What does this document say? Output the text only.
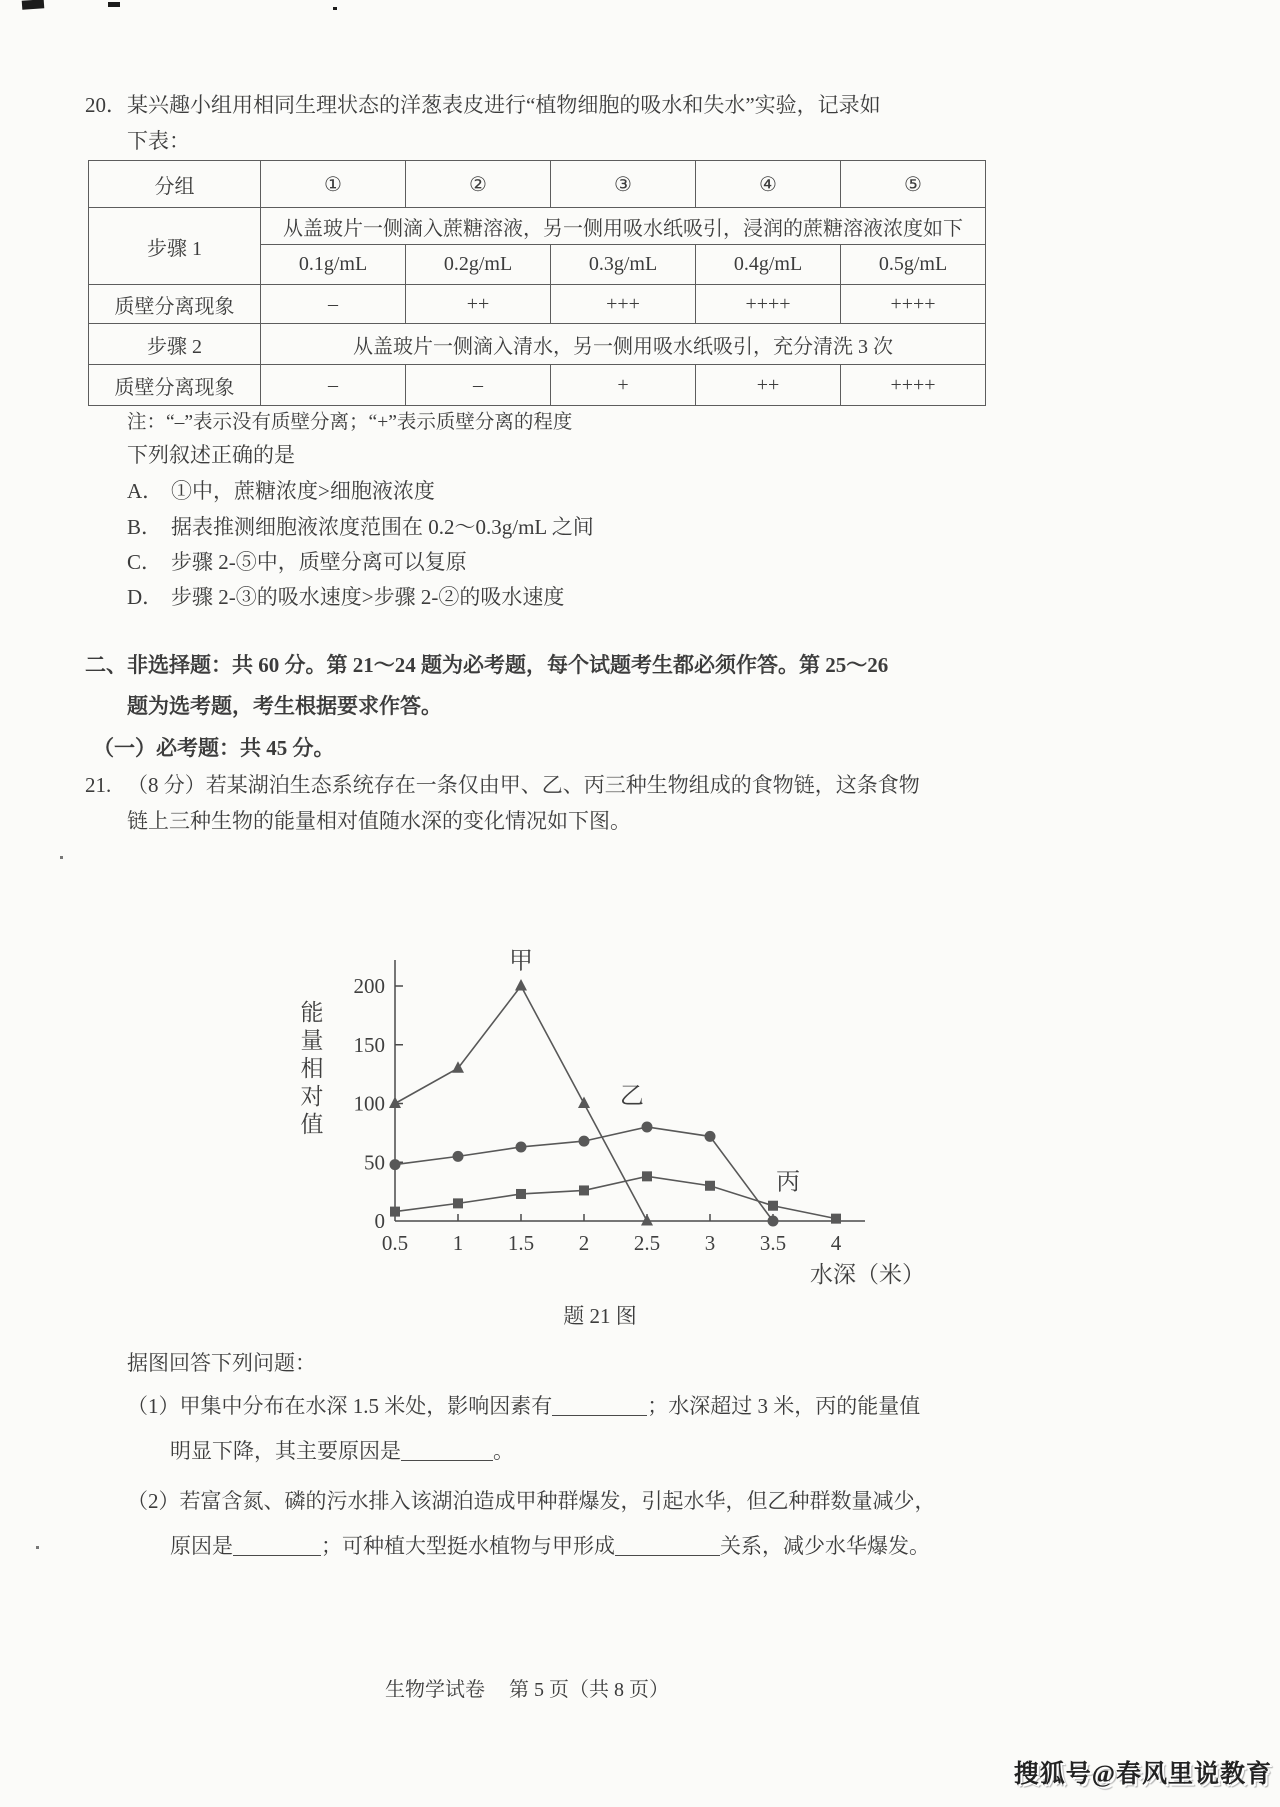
20．某兴趣小组用相同生理状态的洋葱表皮进行“植物细胞的吸水和失水”实验，记录如
下表：
分组	①	②	③	④	⑤
步骤 1	从盖玻片一侧滴入蔗糖溶液，另一侧用吸水纸吸引，浸润的蔗糖溶液浓度如下				
	0.1g/mL	0.2g/mL	0.3g/mL	0.4g/mL	0.5g/mL
质壁分离现象	–	++	+++	++++	++++
步骤 2	从盖玻片一侧滴入清水，另一侧用吸水纸吸引，充分清洗 3 次				
质壁分离现象	–	–	+	++	++++
注：“–”表示没有质壁分离；“+”表示质壁分离的程度
下列叙述正确的是
A． ①中，蔗糖浓度>细胞液浓度
B． 据表推测细胞液浓度范围在 0.2～0.3g/mL 之间
C． 步骤 2-⑤中，质壁分离可以复原
D． 步骤 2-③的吸水速度>步骤 2-②的吸水速度
二、非选择题：共 60 分。第 21～24 题为必考题，每个试题考生都必须作答。第 25～26
题为选考题，考生根据要求作答。
（一）必考题：共 45 分。
21. （8 分）若某湖泊生态系统存在一条仅由甲、乙、丙三种生物组成的食物链，这条食物
链上三种生物的能量相对值随水深的变化情况如下图。
0
50
100
150
200
0.5 1 1.5 2 2.5 3 3.5 4
甲
乙
丙
能
量
相
对
值
水深（米）
题 21 图
据图回答下列问题：
（1）甲集中分布在水深 1.5 米处，影响因素有	；水深超过 3 米，丙的能量值
明显下降，其主要原因是	。
（2）若富含氮、磷的污水排入该湖泊造成甲种群爆发，引起水华，但乙种群数量减少，
原因是	；可种植大型挺水植物与甲形成	关系，减少水华爆发。
生物学试卷 第 5 页（共 8 页）
搜狐号@春风里说教育
